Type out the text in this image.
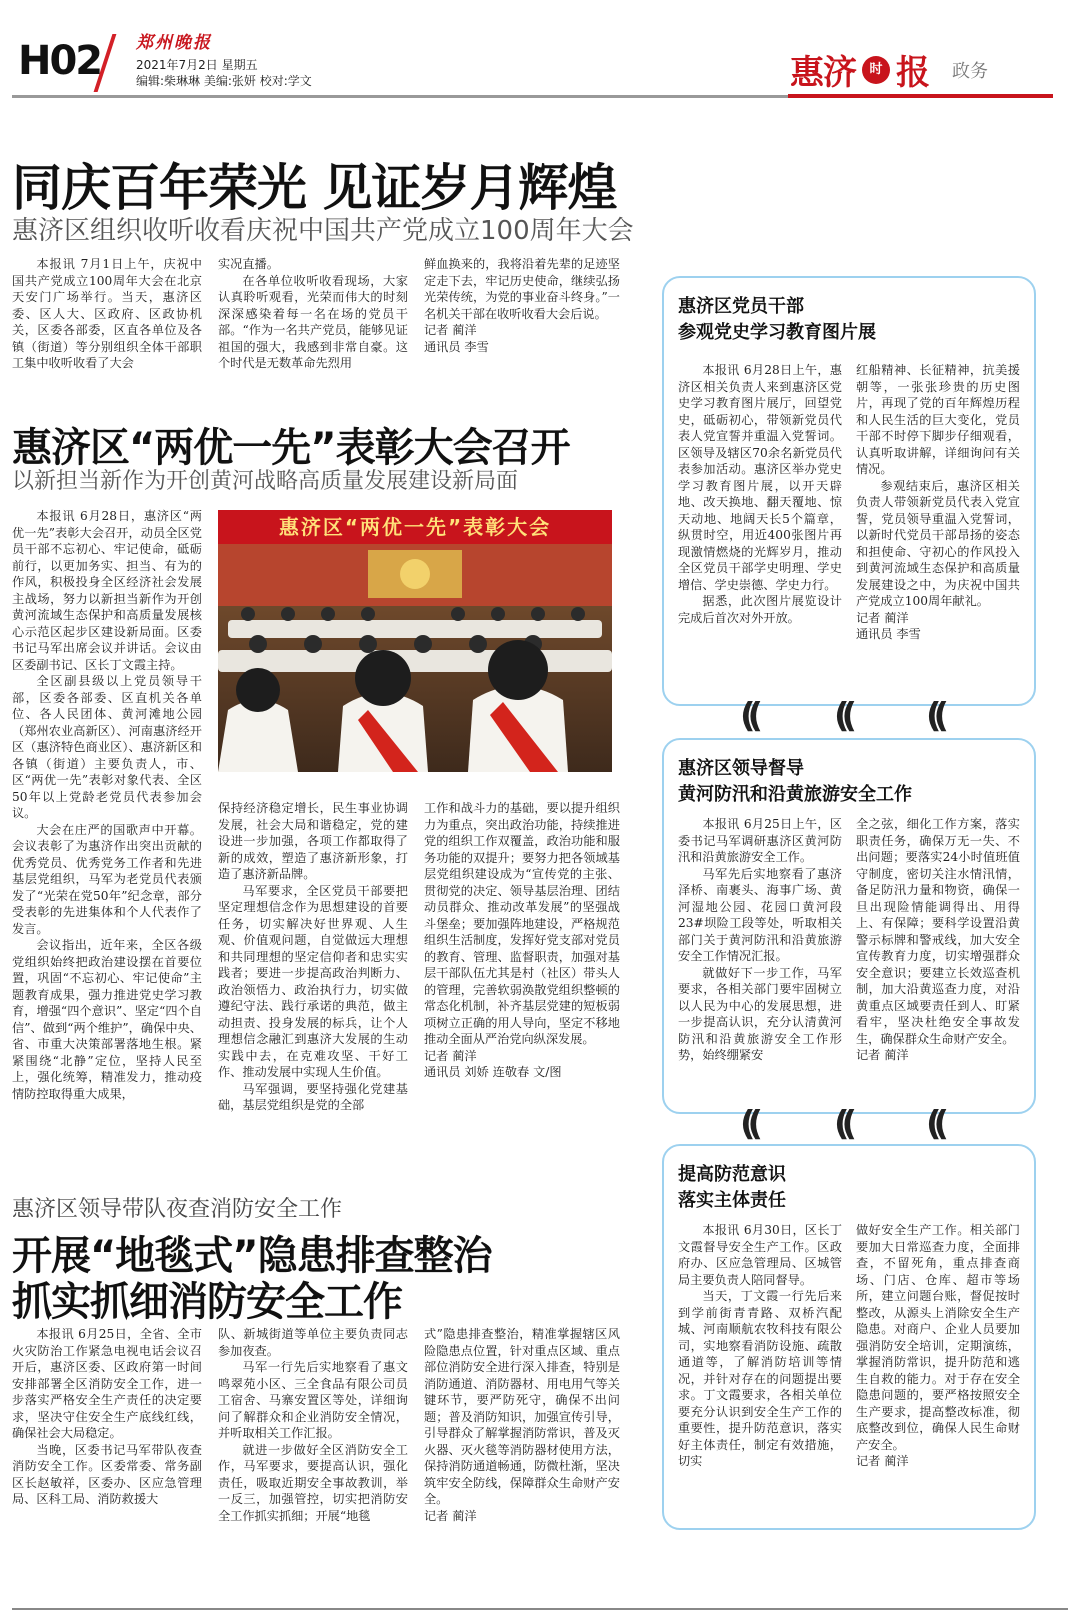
H02 郑州晚报
2021年7月2日 星期五
编辑:柴琳琳 美编:张妍 校对:学文	惠济	时 报 政务
同庆百年荣光 见证岁月辉煌
惠济区组织收听收看庆祝中国共产党成立100周年大会

本报讯 7月1日上午，庆祝中国共产党成立100周年大会在北京天安门广场举行。当天，惠济区委、区人大、区政府、区政协机关，区委各部委，区直各单位及各镇（街道）等分别组织全体干部职工集中收听收看了大会

实况直播。

在各单位收听收看现场，大家认真聆听观看，光荣而伟大的时刻深深感染着每一名在场的党员干部。“作为一名共产党员，能够见证祖国的强大，我感到非常自豪。这个时代是无数革命先烈用

鲜血换来的，我将沿着先辈的足迹坚定走下去，牢记历史使命，继续弘扬光荣传统，为党的事业奋斗终身。”一名机关干部在收听收看大会后说。

记者 蔺洋

通讯员 李雪

惠济区“两优一先”表彰大会召开
以新担当新作为开创黄河战略高质量发展建设新局面

本报讯 6月28日，惠济区“两优一先”表彰大会召开，动员全区党员干部不忘初心、牢记使命，砥砺前行，以更加务实、担当、有为的作风，积极投身全区经济社会发展主战场，努力以新担当新作为开创黄河流域生态保护和高质量发展核心示范区起步区建设新局面。区委书记马军出席会议并讲话。会议由区委副书记、区长丁文霞主持。

全区副县级以上党员领导干部，区委各部委、区直机关各单位、各人民团体、黄河滩地公园（郑州农业高新区）、河南惠济经开区（惠济特色商业区）、惠济新区和各镇（街道）主要负责人，市、区“两优一先”表彰对象代表、全区50年以上党龄老党员代表参加会议。

大会在庄严的国歌声中开幕。会议表彰了为惠济作出突出贡献的优秀党员、优秀党务工作者和先进基层党组织，马军为老党员代表颁发了“光荣在党50年”纪念章，部分受表彰的先进集体和个人代表作了发言。

会议指出，近年来，全区各级党组织始终把政治建设摆在首要位置，巩固“不忘初心、牢记使命”主题教育成果，强力推进党史学习教育，增强“四个意识”、坚定“四个自信”、做到“两个维护”，确保中央、省、市重大决策部署落地生根。紧紧围绕“北静”定位，坚持人民至上，强化统筹，精准发力，推动疫情防控取得重大成果，

惠济区“两优一先”表彰大会

保持经济稳定增长，民生事业协调发展，社会大局和谐稳定，党的建设进一步加强，各项工作都取得了新的成效，塑造了惠济新形象，打造了惠济新品牌。

马军要求，全区党员干部要把坚定理想信念作为思想建设的首要任务，切实解决好世界观、人生观、价值观问题，自觉做远大理想和共同理想的坚定信仰者和忠实实践者；要进一步提高政治判断力、政治领悟力、政治执行力，切实做遵纪守法、践行承诺的典范，做主动担责、投身发展的标兵，让个人理想信念融汇到惠济大发展的生动实践中去，在克难攻坚、干好工作、推动发展中实现人生价值。

马军强调，要坚持强化党建基础，基层党组织是党的全部

工作和战斗力的基础，要以提升组织力为重点，突出政治功能，持续推进党的组织工作双覆盖，政治功能和服务功能的双提升；要努力把各领域基层党组织建设成为“宣传党的主张、贯彻党的决定、领导基层治理、团结动员群众、推动改革发展”的坚强战斗堡垒；要加强阵地建设，严格规范组织生活制度，发挥好党支部对党员的教育、管理、监督职责，加强对基层干部队伍尤其是村（社区）带头人的管理，完善软弱涣散党组织整顿的常态化机制，补齐基层党建的短板弱项树立正确的用人导向，坚定不移地推动全面从严治党向纵深发展。

记者 蔺洋

通讯员 刘娇 连敬春 文/图

惠济区领导带队夜查消防安全工作
开展“地毯式”隐患排查整治
抓实抓细消防安全工作

本报讯 6月25日，全省、全市火灾防治工作紧急电视电话会议召开后，惠济区委、区政府第一时间安排部署全区消防安全工作，进一步落实严格安全生产责任的决定要求，坚决守住安全生产底线红线，确保社会大局稳定。

当晚，区委书记马军带队夜查消防安全工作。区委常委、常务副区长赵敏祥，区委办、区应急管理局、区科工局、消防救援大

队、新城街道等单位主要负责同志参加夜查。

马军一行先后实地察看了惠文鸣翠苑小区、三全食品有限公司员工宿舍、马寨安置区等处，详细询问了解群众和企业消防安全情况，并听取相关工作汇报。

就进一步做好全区消防安全工作，马军要求，要提高认识，强化责任，吸取近期安全事故教训，举一反三，加强管控，切实把消防安全工作抓实抓细；开展“地毯

式”隐患排查整治，精准掌握辖区风险隐患点位置，针对重点区域、重点部位消防安全进行深入排查，特别是消防通道、消防器材、用电用气等关键环节，要严防死守，确保不出问题；普及消防知识，加强宣传引导，引导群众了解掌握消防常识，普及灭火器、灭火毯等消防器材使用方法，保持消防通道畅通，防微杜渐，坚决筑牢安全防线，保障群众生命财产安全。

记者 蔺洋

惠济区党员干部
参观党史学习教育图片展

本报讯 6月28日上午，惠济区相关负责人来到惠济区党史学习教育图片展厅，回望党史，砥砺初心，带领新党员代表人党宣誓并重温入党誓词。区领导及辖区70余名新党员代表参加活动。惠济区举办党史学习教育图片展，以开天辟地、改天换地、翻天覆地、惊天动地、地阔天长5个篇章，纵贯时空，用近400张图片再现激情燃烧的光辉岁月，推动全区党员干部学史明理、学史增信、学史崇德、学史力行。

据悉，此次图片展览设计完成后首次对外开放。

红船精神、长征精神，抗美援朝等，一张张珍贵的历史图片，再现了党的百年辉煌历程和人民生活的巨大变化，党员干部不时停下脚步仔细观看，认真听取讲解，详细询问有关情况。

参观结束后，惠济区相关负责人带领新党员代表入党宣誓，党员领导重温入党誓词，以新时代党员干部昂扬的姿态和担使命、守初心的作风投入到黄河流域生态保护和高质量发展建设之中，为庆祝中国共产党成立100周年献礼。

记者 蔺洋

通讯员 李雪

(( (( ((
惠济区领导督导
黄河防汛和沿黄旅游安全工作

本报讯 6月25日上午，区委书记马军调研惠济区黄河防汛和沿黄旅游安全工作。

马军先后实地察看了惠济泽桥、南裹头、海事广场、黄河湿地公园、花园口黄河段23#坝险工段等处，听取相关部门关于黄河防汛和沿黄旅游安全工作情况汇报。

就做好下一步工作，马军要求，各相关部门要牢固树立以人民为中心的发展思想，进一步提高认识，充分认清黄河防汛和沿黄旅游安全工作形势，始终绷紧安

全之弦，细化工作方案，落实职责任务，确保万无一失、不出问题；要落实24小时值班值守制度，密切关注水情汛情，备足防汛力量和物资，确保一旦出现险情能调得出、用得上、有保障；要科学设置沿黄警示标牌和警戒线，加大安全宣传教育力度，切实增强群众安全意识；要建立长效巡查机制，加大沿黄巡查力度，对沿黄重点区域要责任到人、盯紧看牢，坚决杜绝安全事故发生，确保群众生命财产安全。

记者 蔺洋

(( (( ((
提高防范意识
落实主体责任

本报讯 6月30日，区长丁文霞督导安全生产工作。区政府办、区应急管理局、区城管局主要负责人陪同督导。

当天，丁文霞一行先后来到学前街青青路、双桥汽配城、河南顺航农牧科技有限公司，实地察看消防设施、疏散通道等，了解消防培训等情况，并针对存在的问题提出要求。丁文霞要求，各相关单位要充分认识到安全生产工作的重要性，提升防范意识，落实好主体责任，制定有效措施，切实

做好安全生产工作。相关部门要加大日常巡查力度，全面排查，不留死角，重点排查商场、门店、仓库、超市等场所，建立问题台账，督促按时整改，从源头上消除安全生产隐患。对商户、企业人员要加强消防安全培训，定期演练，掌握消防常识，提升防范和逃生自救的能力。对于存在安全隐患问题的，要严格按照安全生产要求，提高整改标准，彻底整改到位，确保人民生命财产安全。

记者 蔺洋
